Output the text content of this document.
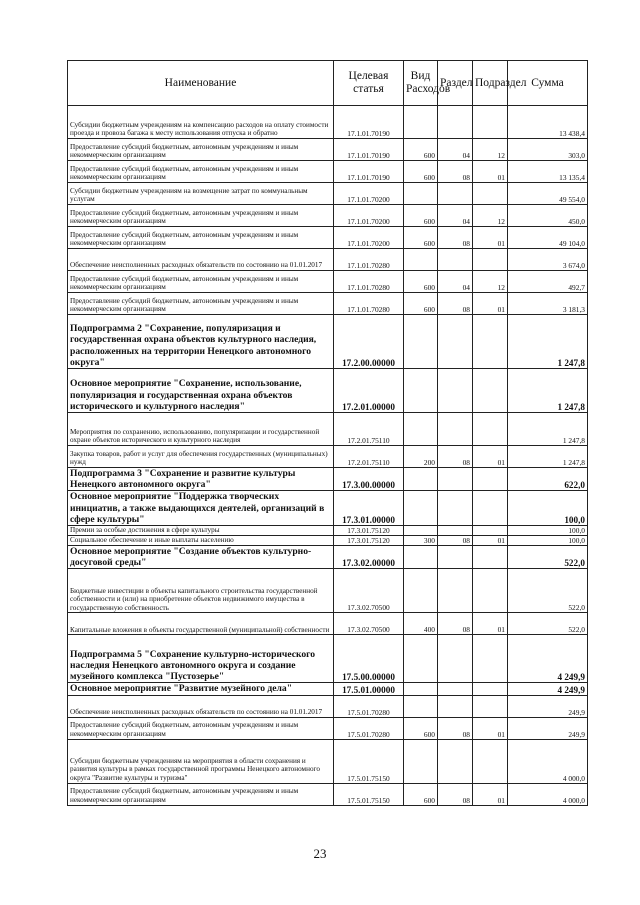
Наименование	Целевая статья	Вид Расходов	Раздел	Подраздел	Сумма
Субсидии бюджетным учреждениям на компенсацию расходов на оплату стоимости проезда и провоза багажа к месту использования отпуска и обратно	17.1.01.70190				13 438,4
Предоставление субсидий бюджетным, автономным учреждениям и иным некоммерческим организациям	17.1.01.70190	600	04	12	303,0
Предоставление субсидий бюджетным, автономным учреждениям и иным некоммерческим организациям	17.1.01.70190	600	08	01	13 135,4
Субсидии бюджетным учреждениям на возмещение затрат по коммунальным услугам	17.1.01.70200				49 554,0
Предоставление субсидий бюджетным, автономным учреждениям и иным некоммерческим организациям	17.1.01.70200	600	04	12	450,0
Предоставление субсидий бюджетным, автономным учреждениям и иным некоммерческим организациям	17.1.01.70200	600	08	01	49 104,0
Обеспечение неисполненных расходных обязательств по состоянию на 01.01.2017	17.1.01.70280				3 674,0
Предоставление субсидий бюджетным, автономным учреждениям и иным некоммерческим организациям	17.1.01.70280	600	04	12	492,7
Предоставление субсидий бюджетным, автономным учреждениям и иным некоммерческим организациям	17.1.01.70280	600	08	01	3 181,3
Подпрограмма 2 "Сохранение, популяризация и государственная охрана объектов культурного наследия, расположенных на территории Ненецкого автономного округа"	17.2.00.00000				1 247,8
Основное мероприятие "Сохранение, использование, популяризация и государственная охрана объектов исторического и культурного наследия"	17.2.01.00000				1 247,8
Мероприятия по сохранению, использованию, популяризации и государственной охране объектов исторического и культурного наследия	17.2.01.75110				1 247,8
Закупка товаров, работ и услуг для обеспечения государственных (муниципальных) нужд	17.2.01.75110	200	08	01	1 247,8
Подпрограмма 3 "Сохранение и развитие культуры Ненецкого автономного округа"	17.3.00.00000				622,0
Основное мероприятие "Поддержка творческих инициатив, а также выдающихся деятелей, организаций в сфере культуры"	17.3.01.00000				100,0
Премии за особые достижения в сфере культуры	17.3.01.75120				100,0
Социальное обеспечение и иные выплаты населению	17.3.01.75120	300	08	01	100,0
Основное мероприятие "Создание объектов культурно-досуговой среды"	17.3.02.00000				522,0
Бюджетные инвестиции в объекты капитального строительства государственной собственности и (или) на приобретение объектов недвижимого имущества в государственную собственность	17.3.02.70500				522,0
Капитальные вложения в объекты государственной (муниципальной) собственности	17.3.02.70500	400	08	01	522,0
Подпрограмма 5 "Сохранение культурно-исторического наследия Ненецкого автономного округа и создание музейного комплекса "Пустозерье"	17.5.00.00000				4 249,9
Основное мероприятие "Развитие музейного дела"	17.5.01.00000				4 249,9
Обеспечение неисполненных расходных обязательств по состоянию на 01.01.2017	17.5.01.70280				249,9
Предоставление субсидий бюджетным, автономным учреждениям и иным некоммерческим организациям	17.5.01.70280	600	08	01	249,9
Субсидии бюджетным учреждениям на мероприятия в области сохранения и развития культуры в рамках государственной программы Ненецкого автономного округа "Развитие культуры и туризма"	17.5.01.75150				4 000,0
Предоставление субсидий бюджетным, автономным учреждениям и иным некоммерческим организациям	17.5.01.75150	600	08	01	4 000,0
23
